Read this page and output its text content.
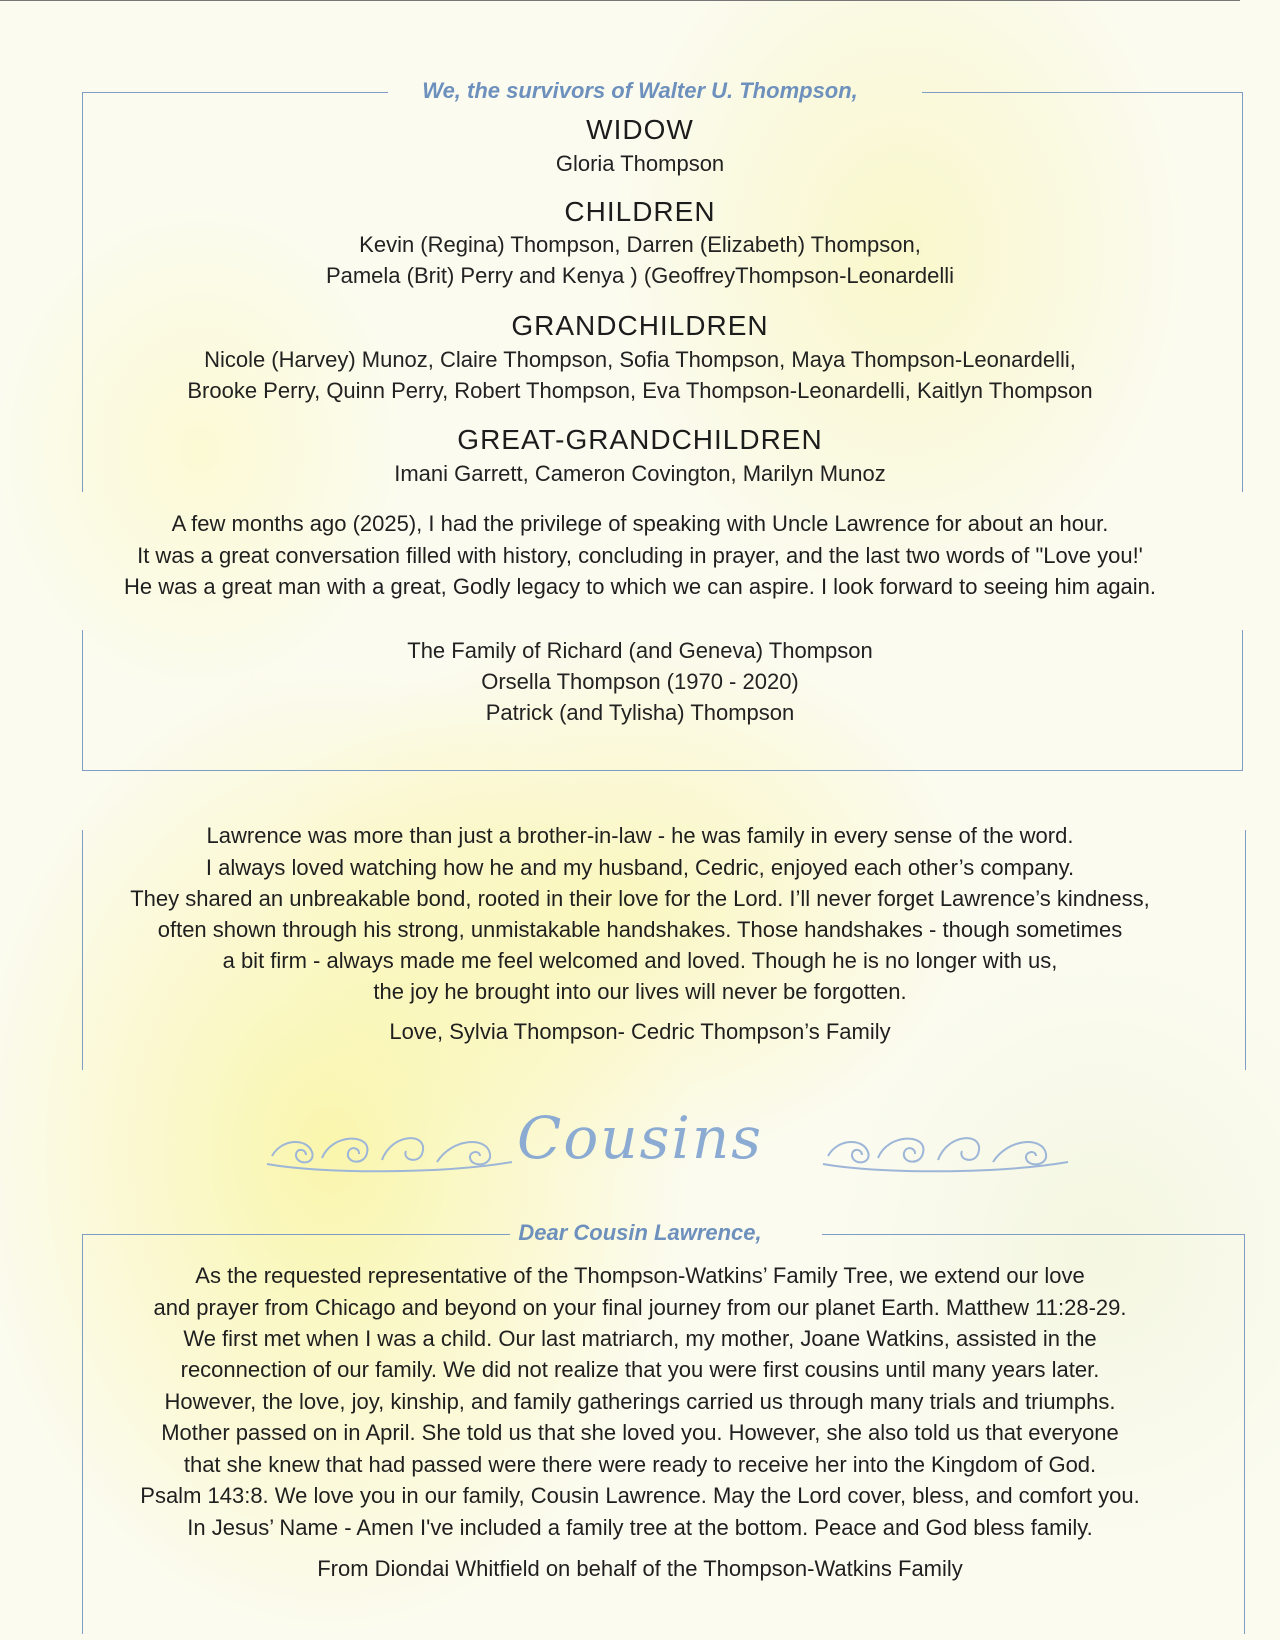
We, the survivors of Walter U. Thompson,
WIDOW
Gloria Thompson
CHILDREN
Kevin (Regina) Thompson, Darren (Elizabeth) Thompson,
Pamela (Brit) Perry and Kenya ) (GeoffreyThompson-Leonardelli
GRANDCHILDREN
Nicole (Harvey) Munoz, Claire Thompson, Sofia Thompson, Maya Thompson-Leonardelli,
Brooke Perry, Quinn Perry, Robert Thompson, Eva Thompson-Leonardelli, Kaitlyn Thompson
GREAT-GRANDCHILDREN
Imani Garrett, Cameron Covington, Marilyn Munoz
A few months ago (2025), I had the privilege of speaking with Uncle Lawrence for about an hour.
It was a great conversation filled with history, concluding in prayer, and the last two words of "Love you!'
He was a great man with a great, Godly legacy to which we can aspire. I look forward to seeing him again.
The Family of Richard (and Geneva) Thompson
Orsella Thompson (1970 - 2020)
Patrick (and Tylisha) Thompson
Lawrence was more than just a brother-in-law - he was family in every sense of the word.
I always loved watching how he and my husband, Cedric, enjoyed each other’s company.
They shared an unbreakable bond, rooted in their love for the Lord. I’ll never forget Lawrence’s kindness,
often shown through his strong, unmistakable handshakes. Those handshakes - though sometimes
a bit firm - always made me feel welcomed and loved. Though he is no longer with us,
the joy he brought into our lives will never be forgotten.
Love, Sylvia Thompson- Cedric Thompson’s Family
Cousins
Dear Cousin Lawrence,
As the requested representative of the Thompson-Watkins’ Family Tree, we extend our love
and prayer from Chicago and beyond on your final journey from our planet Earth. Matthew 11:28-29.
We first met when I was a child. Our last matriarch, my mother, Joane Watkins, assisted in the
reconnection of our family. We did not realize that you were first cousins until many years later.
However, the love, joy, kinship, and family gatherings carried us through many trials and triumphs.
Mother passed on in April. She told us that she loved you. However, she also told us that everyone
that she knew that had passed were there were ready to receive her into the Kingdom of God.
Psalm 143:8. We love you in our family, Cousin Lawrence. May the Lord cover, bless, and comfort you.
In Jesus’ Name - Amen I've included a family tree at the bottom. Peace and God bless family.
From Diondai Whitfield on behalf of the Thompson-Watkins Family
